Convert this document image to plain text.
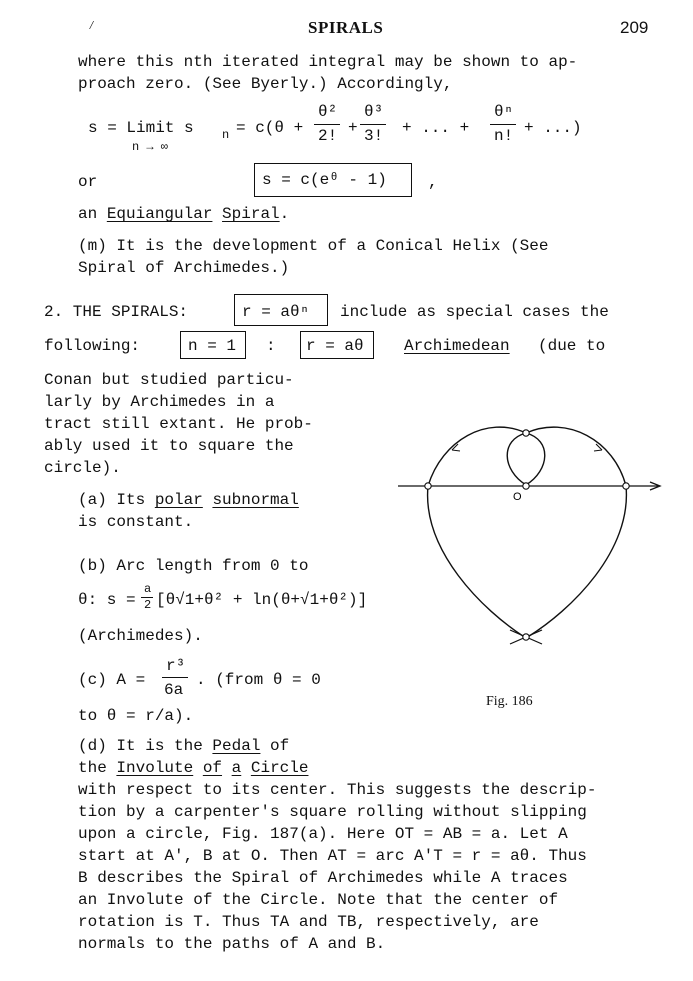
⁄	SPIRALS	209
where this nth iterated integral may be shown to ap-
proach zero. (See Byerly.) Accordingly,
s = Limit s n
n → ∞
= c(θ +
θ²
2! +
θ³
3! + ... +
θⁿ
n! + ...)
or	s = c(eᶿ - 1)	,
an Equiangular Spiral.
(m) It is the development of a Conical Helix (See
Spiral of Archimedes.)
2. THE SPIRALS:	r = aθⁿ include as special cases the
following:	n = 1 : r = aθ	Archimedean (due to
Conan but studied particu-
larly by Archimedes in a
tract still extant. He prob-
ably used it to square the
circle).
(a) Its polar subnormal
is constant.
(b) Arc length from 0 to
θ: s =
a
2 [θ√1+θ² + ln(θ+√1+θ²)]
(Archimedes).
(c) A =
r³
6a
. (from θ = 0
to θ = r/a).
O
Fig. 186
(d) It is the Pedal of
the Involute of a Circle
with respect to its center. This suggests the descrip-
tion by a carpenter's square rolling without slipping
upon a circle, Fig. 187(a). Here OT = AB = a. Let A
start at A', B at O. Then AT = arc A'T = r = aθ. Thus
B describes the Spiral of Archimedes while A traces
an Involute of the Circle. Note that the center of
rotation is T. Thus TA and TB, respectively, are
normals to the paths of A and B.
